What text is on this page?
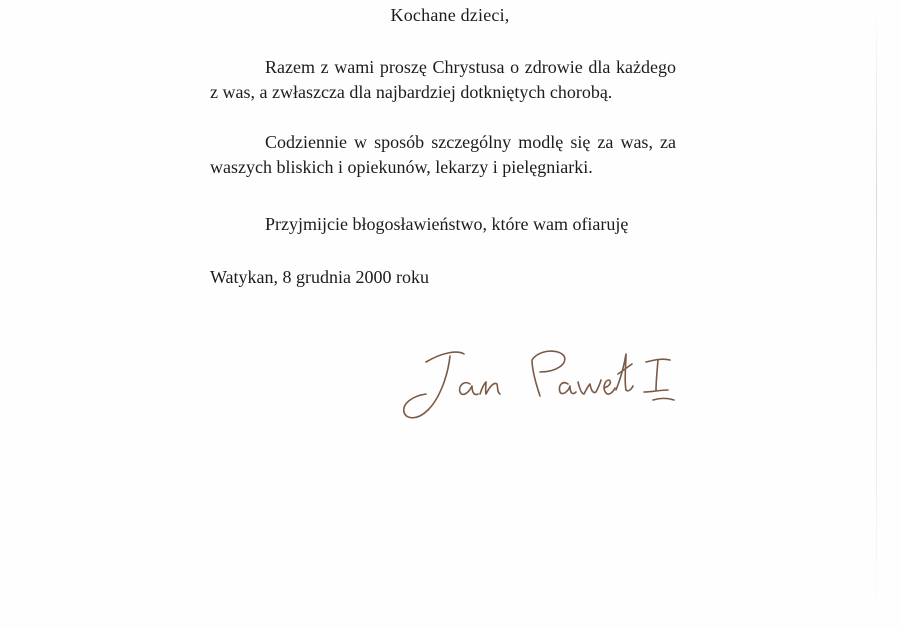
Kochane dzieci,

Razem z wami proszę Chrystusa o zdrowie dla każdego z was, a zwłaszcza dla najbardziej dotkniętych chorobą.

Codziennie w sposób szczególny modlę się za was, za waszych bliskich i opiekunów, lekarzy i pielęgniarki.

Przyjmijcie błogosławieństwo, które wam ofiaruję

Watykan, 8 grudnia 2000 roku
